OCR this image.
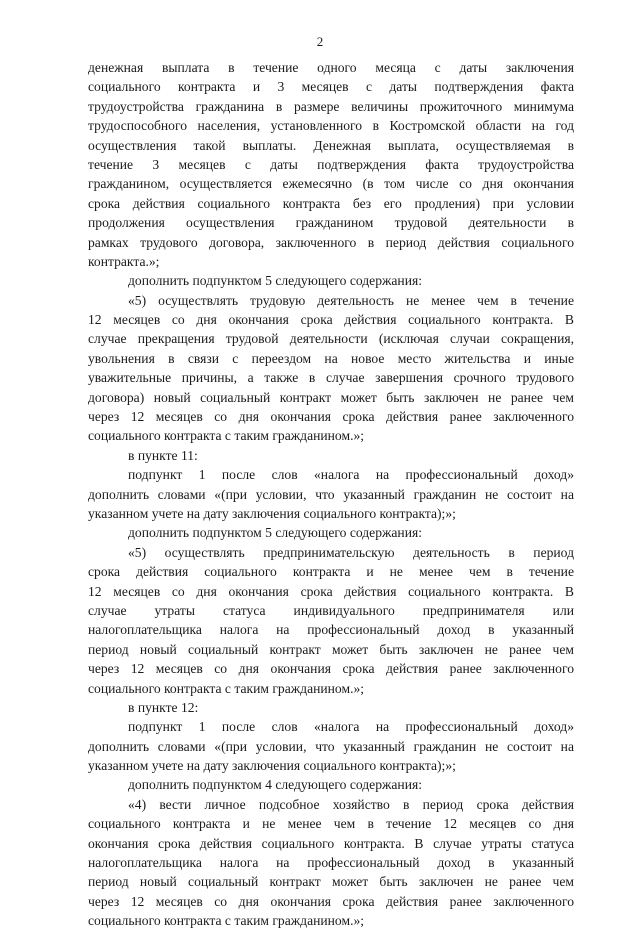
2
денежная выплата в течение одного месяца с даты заключения
социального контракта и 3 месяцев с даты подтверждения факта
трудоустройства гражданина в размере величины прожиточного минимума
трудоспособного населения, установленного в Костромской области на год
осуществления такой выплаты. Денежная выплата, осуществляемая в
течение 3 месяцев с даты подтверждения факта трудоустройства
гражданином, осуществляется ежемесячно (в том числе со дня окончания
срока действия социального контракта без его продления) при условии
продолжения осуществления гражданином трудовой деятельности в
рамках трудового договора, заключенного в период действия социального
контракта.»;
дополнить подпунктом 5 следующего содержания:
«5) осуществлять трудовую деятельность не менее чем в течение
12 месяцев со дня окончания срока действия социального контракта. В
случае прекращения трудовой деятельности (исключая случаи сокращения,
увольнения в связи с переездом на новое место жительства и иные
уважительные причины, а также в случае завершения срочного трудового
договора) новый социальный контракт может быть заключен не ранее чем
через 12 месяцев со дня окончания срока действия ранее заключенного
социального контракта с таким гражданином.»;
в пункте 11:
подпункт 1 после слов «налога на профессиональный доход»
дополнить словами «(при условии, что указанный гражданин не состоит на
указанном учете на дату заключения социального контракта);»;
дополнить подпунктом 5 следующего содержания:
«5) осуществлять предпринимательскую деятельность в период
срока действия социального контракта и не менее чем в течение
12 месяцев со дня окончания срока действия социального контракта. В
случае утраты статуса индивидуального предпринимателя или
налогоплательщика налога на профессиональный доход в указанный
период новый социальный контракт может быть заключен не ранее чем
через 12 месяцев со дня окончания срока действия ранее заключенного
социального контракта с таким гражданином.»;
в пункте 12:
подпункт 1 после слов «налога на профессиональный доход»
дополнить словами «(при условии, что указанный гражданин не состоит на
указанном учете на дату заключения социального контракта);»;
дополнить подпунктом 4 следующего содержания:
«4) вести личное подсобное хозяйство в период срока действия
социального контракта и не менее чем в течение 12 месяцев со дня
окончания срока действия социального контракта. В случае утраты статуса
налогоплательщика налога на профессиональный доход в указанный
период новый социальный контракт может быть заключен не ранее чем
через 12 месяцев со дня окончания срока действия ранее заключенного
социального контракта с таким гражданином.»;
